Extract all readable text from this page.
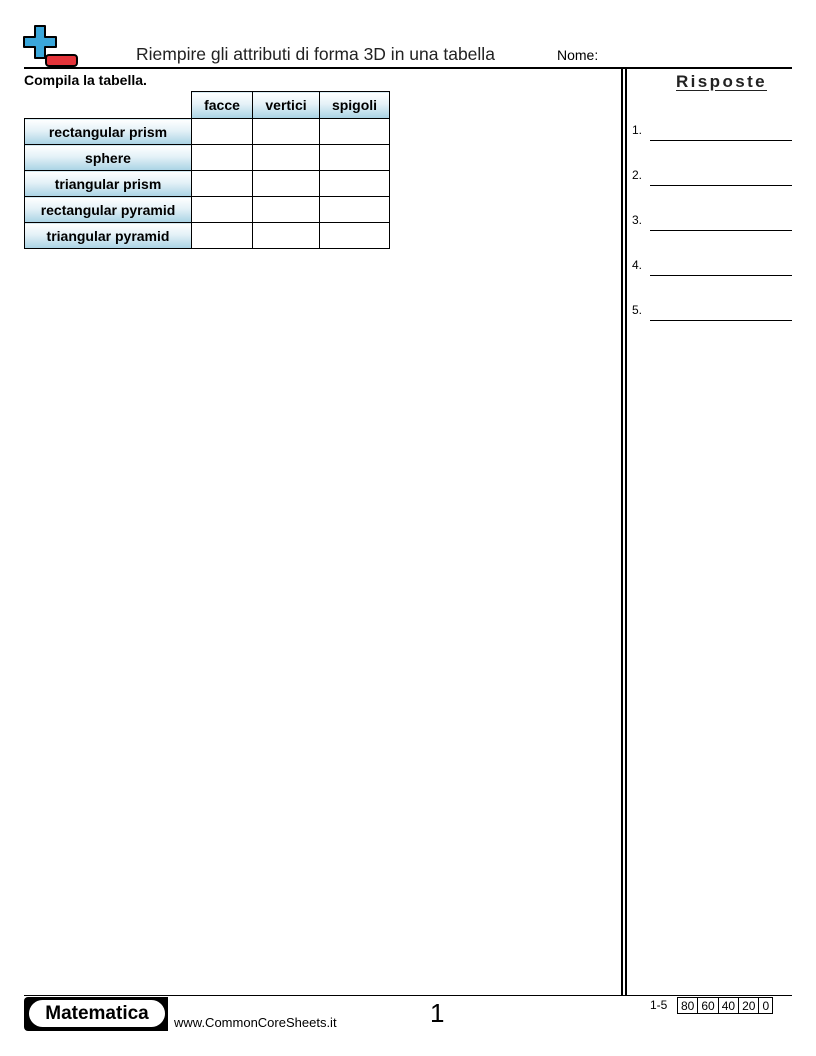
Riempire gli attributi di forma 3D in una tabella	Nome:
Compila la tabella.
	facce	vertici	spigoli
rectangular prism			
sphere			
triangular prism			
rectangular pyramid			
triangular pyramid			
Risposte
1.
2.
3.
4.
5.
Matematica	www.CommonCoreSheets.it	1	1-5 80	60	40	20	0
